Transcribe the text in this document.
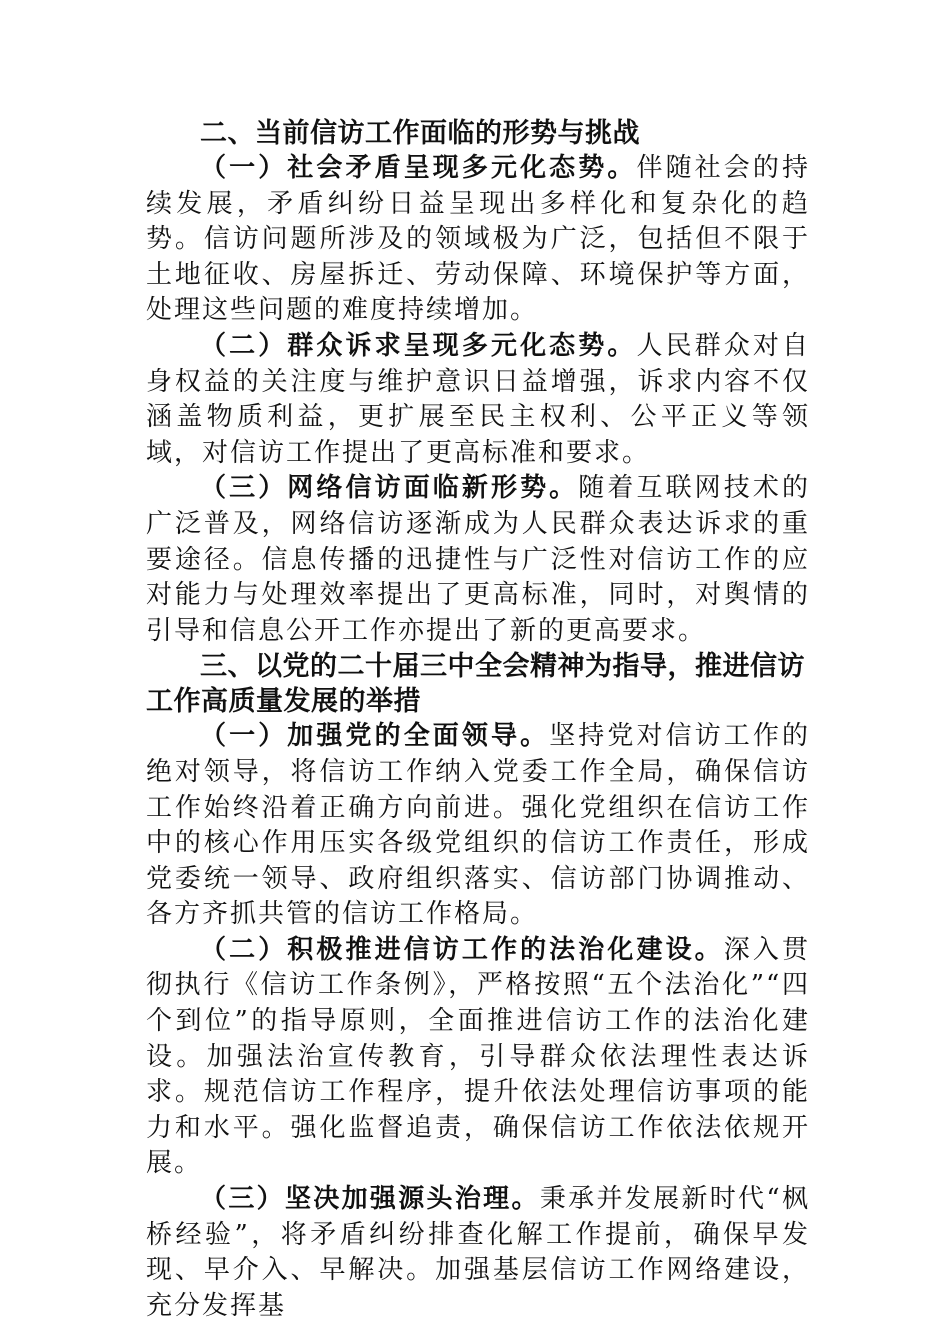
二、当前信访工作面临的形势与挑战

（一）社会矛盾呈现多元化态势。伴随社会的持续发展，矛盾纠纷日益呈现出多样化和复杂化的趋势。信访问题所涉及的领域极为广泛，包括但不限于土地征收、房屋拆迁、劳动保障、环境保护等方面，处理这些问题的难度持续增加。

（二）群众诉求呈现多元化态势。人民群众对自身权益的关注度与维护意识日益增强，诉求内容不仅涵盖物质利益，更扩展至民主权利、公平正义等领域，对信访工作提出了更高标准和要求。

（三）网络信访面临新形势。随着互联网技术的广泛普及，网络信访逐渐成为人民群众表达诉求的重要途径。信息传播的迅捷性与广泛性对信访工作的应对能力与处理效率提出了更高标准，同时，对舆情的引导和信息公开工作亦提出了新的更高要求。

三、以党的二十届三中全会精神为指导，推进信访工作高质量发展的举措

（一）加强党的全面领导。坚持党对信访工作的绝对领导，将信访工作纳入党委工作全局，确保信访工作始终沿着正确方向前进。强化党组织在信访工作中的核心作用压实各级党组织的信访工作责任，形成党委统一领导、政府组织落实、信访部门协调推动、各方齐抓共管的信访工作格局。

（二）积极推进信访工作的法治化建设。深入贯彻执行《信访工作条例》，严格按照“五个法治化”“四个到位”的指导原则，全面推进信访工作的法治化建设。加强法治宣传教育，引导群众依法理性表达诉求。规范信访工作程序，提升依法处理信访事项的能力和水平。强化监督追责，确保信访工作依法依规开展。

（三）坚决加强源头治理。秉承并发展新时代“枫桥经验”，将矛盾纠纷排查化解工作提前，确保早发现、早介入、早解决。加强基层信访工作网络建设，充分发挥基
